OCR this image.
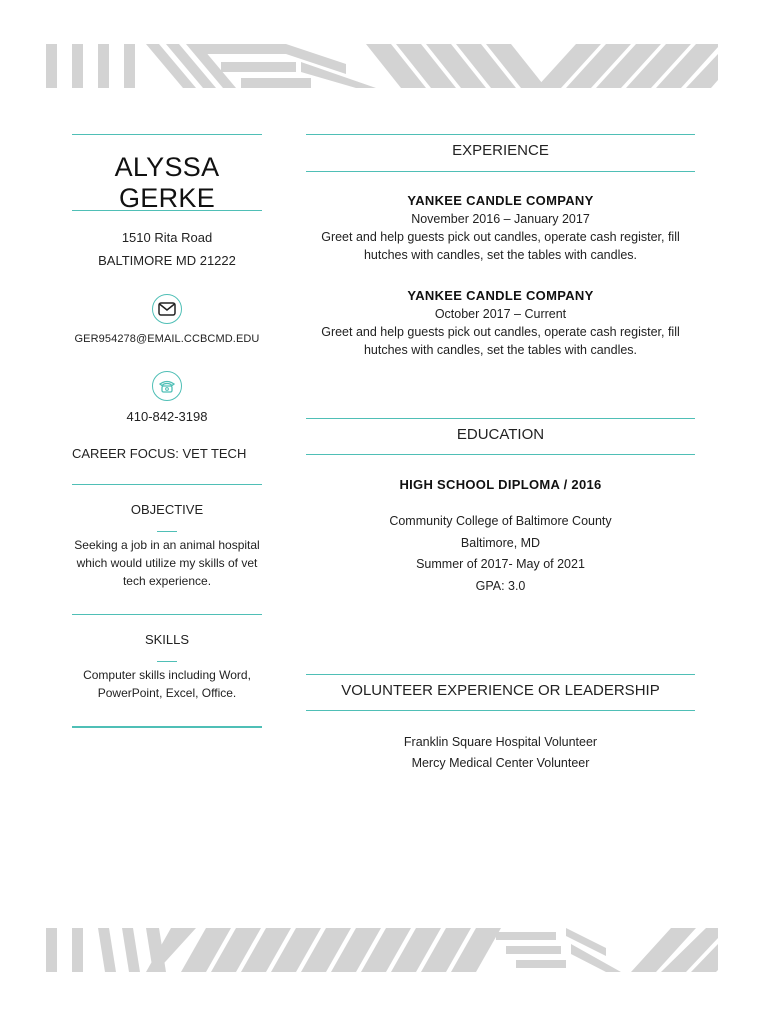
ALYSSA GERKE
1510 Rita Road
BALTIMORE MD 21222
GER954278@EMAIL.CCBCMD.EDU
410-842-3198
CAREER FOCUS: VET TECH
OBJECTIVE
Seeking a job in an animal hospital which would utilize my skills of vet tech experience.
SKILLS
Computer skills including Word, PowerPoint, Excel, Office.
EXPERIENCE
YANKEE CANDLE COMPANY
November 2016 – January 2017
Greet and help guests pick out candles, operate cash register, fill
hutches with candles, set the tables with candles.
YANKEE CANDLE COMPANY
October 2017 – Current
Greet and help guests pick out candles, operate cash register, fill
hutches with candles, set the tables with candles.
EDUCATION
HIGH SCHOOL DIPLOMA / 2016
Community College of Baltimore County
Baltimore, MD
Summer of 2017- May of 2021
GPA: 3.0
VOLUNTEER EXPERIENCE OR LEADERSHIP
Franklin Square Hospital Volunteer
Mercy Medical Center Volunteer
